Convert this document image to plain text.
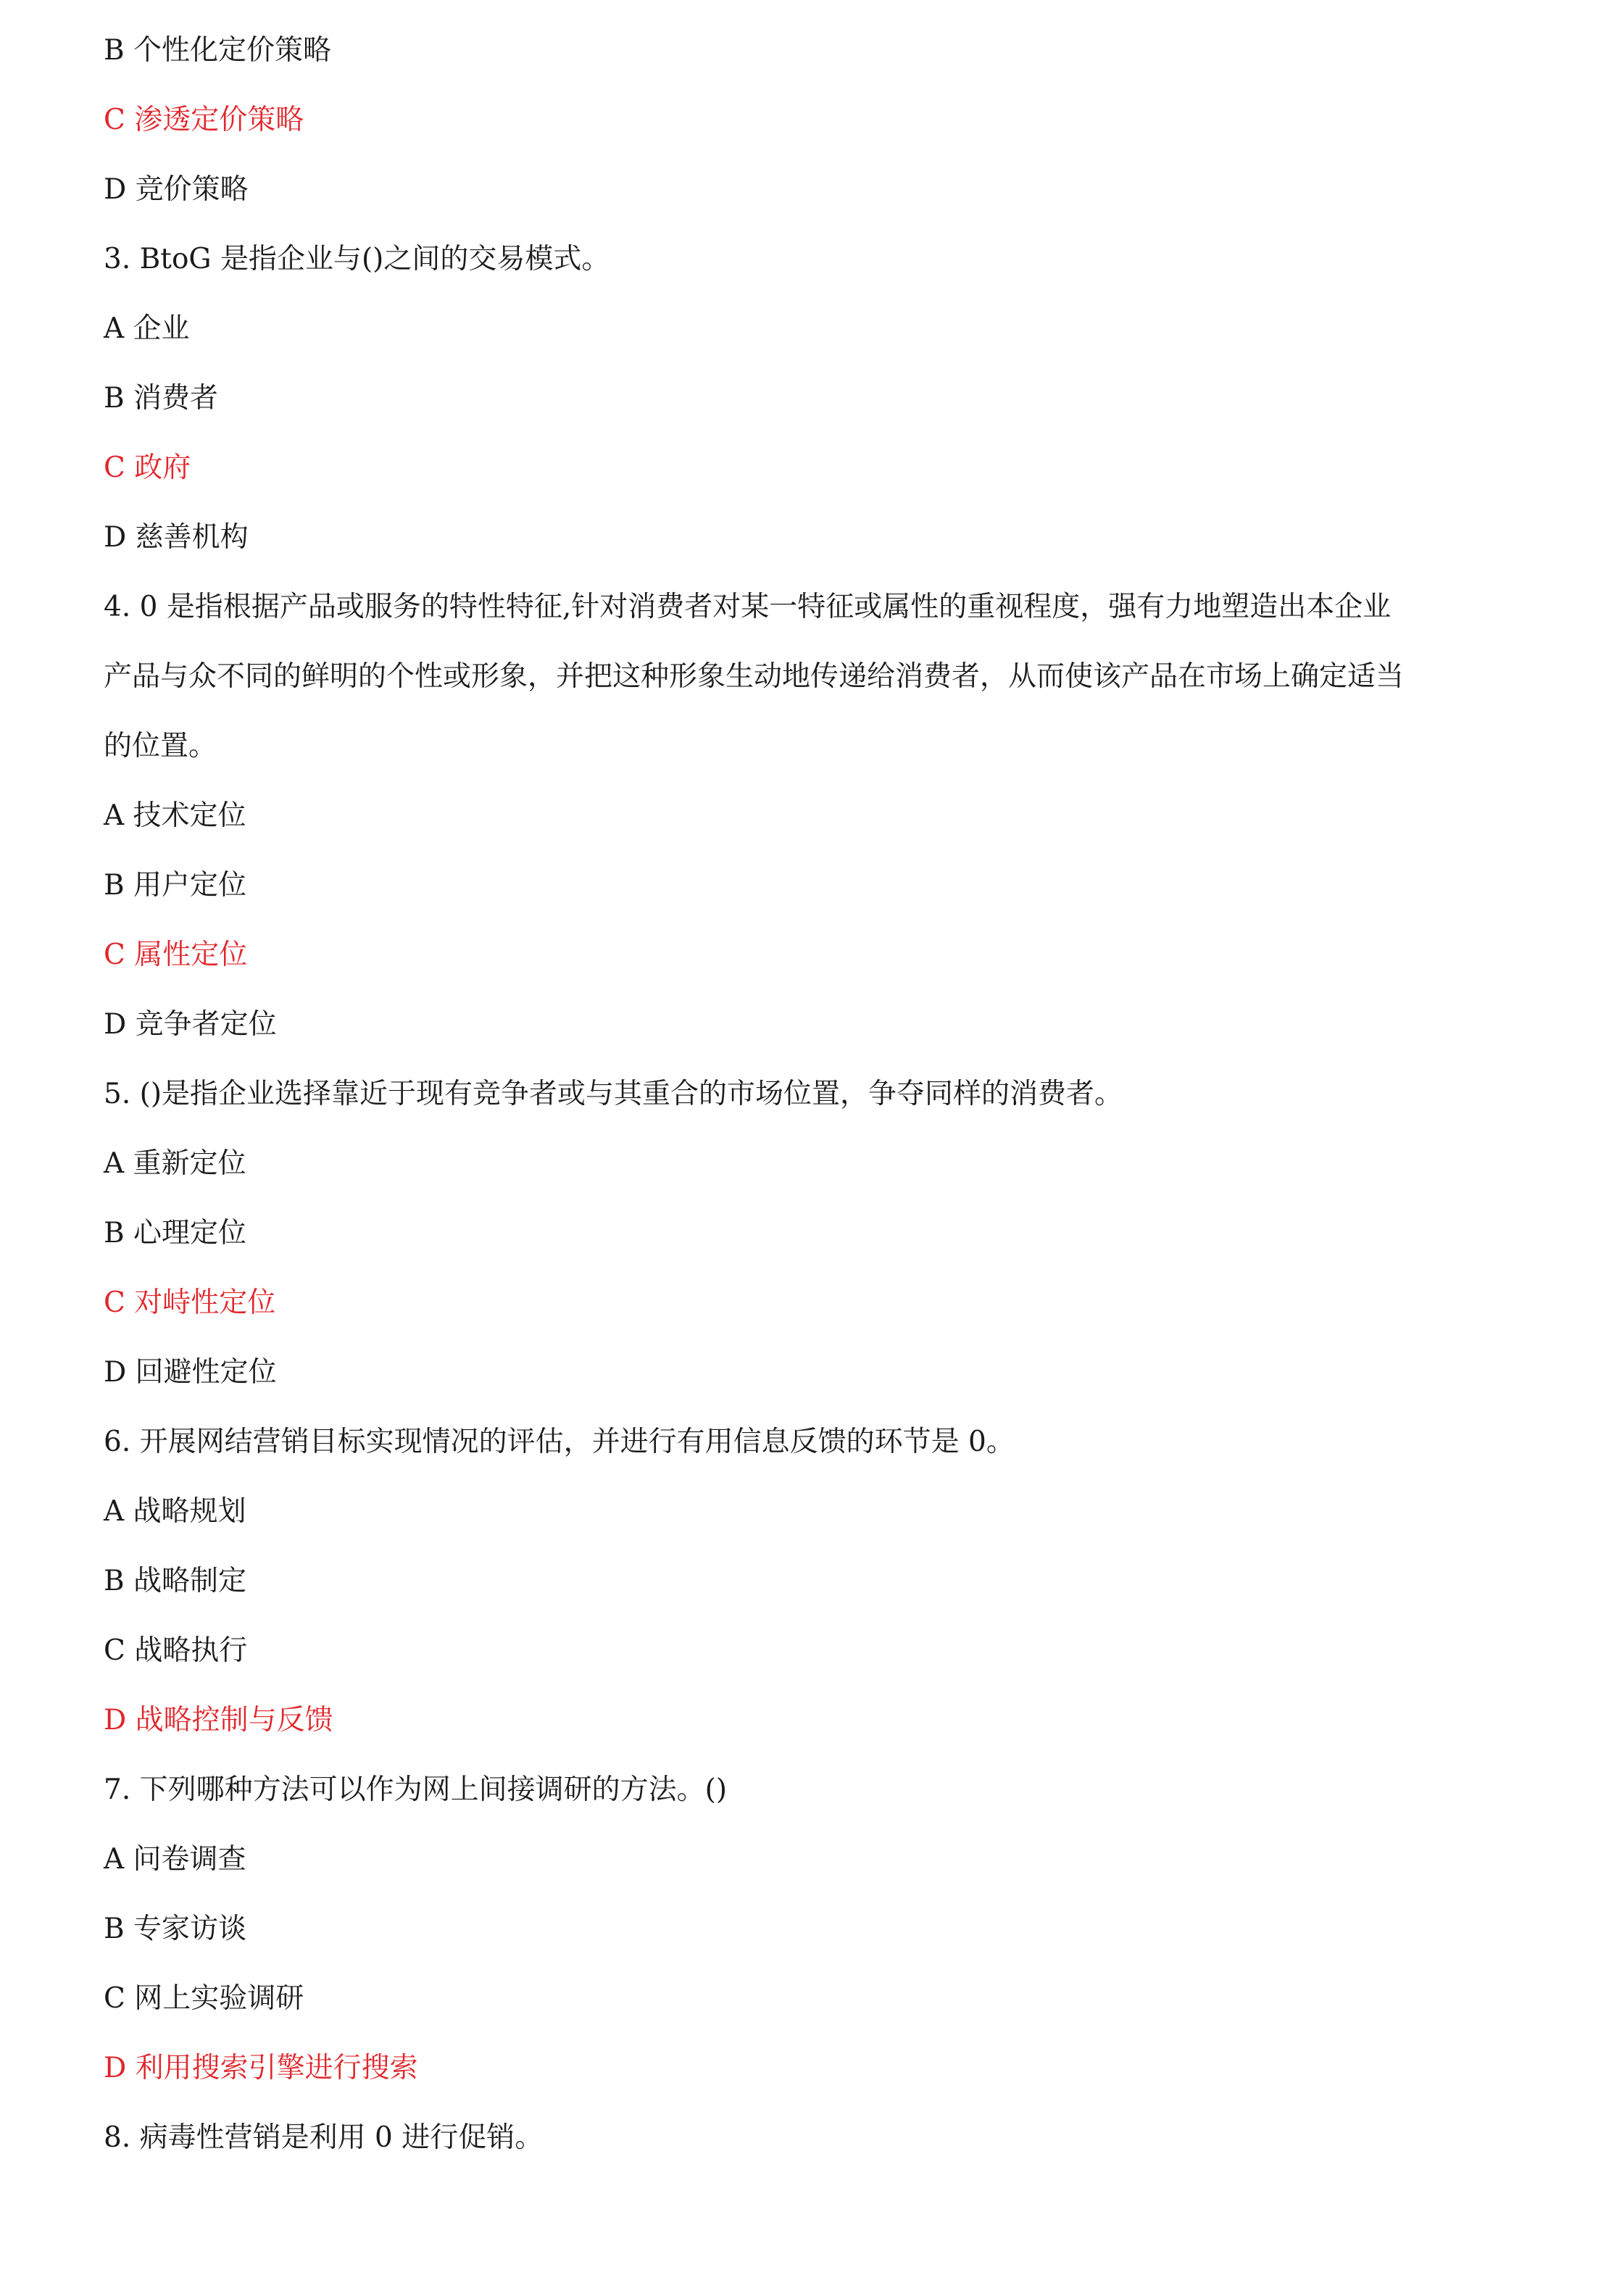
B 个性化定价策略
C 渗透定价策略
D 竞价策略
3. BtoG 是指企业与()之间的交易模式。
A 企业
B 消费者
C 政府
D 慈善机构
4. 0 是指根据产品或服务的特性特征,针对消费者对某一特征或属性的重视程度，强有力地塑造出本企业
产品与众不同的鲜明的个性或形象，并把这种形象生动地传递给消费者，从而使该产品在市场上确定适当
的位置。
A 技术定位
B 用户定位
C 属性定位
D 竞争者定位
5. ()是指企业选择靠近于现有竞争者或与其重合的市场位置，争夺同样的消费者。
A 重新定位
B 心理定位
C 对峙性定位
D 回避性定位
6. 开展网结营销目标实现情况的评估，并进行有用信息反馈的环节是 0。
A 战略规划
B 战略制定
C 战略执行
D 战略控制与反馈
7. 下列哪种方法可以作为网上间接调研的方法。()
A 问卷调查
B 专家访谈
C 网上实验调研
D 利用搜索引擎进行搜索
8. 病毒性营销是利用 0 进行促销。
